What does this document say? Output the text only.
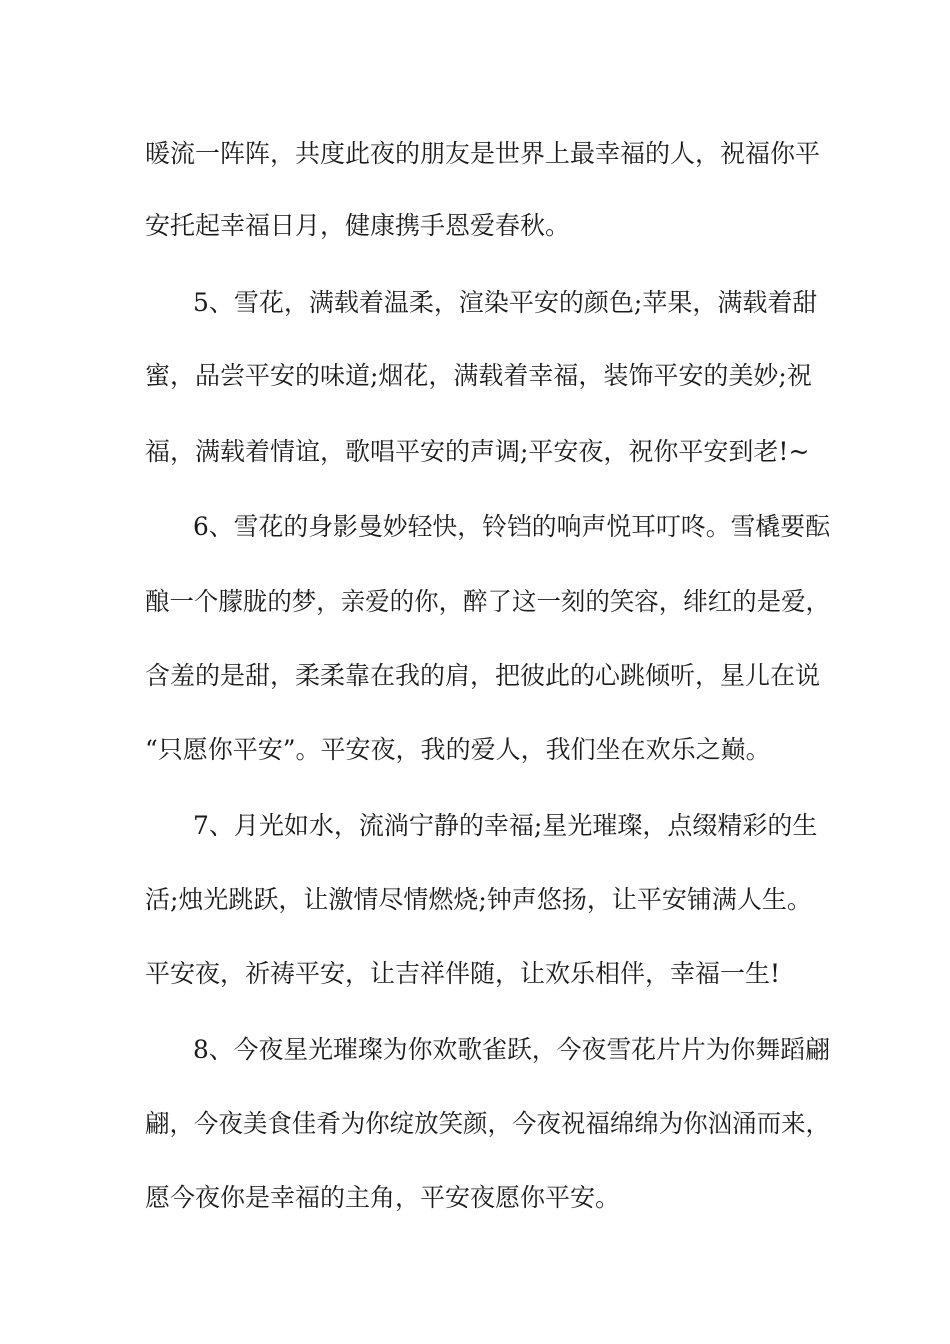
暖流一阵阵，共度此夜的朋友是世界上最幸福的人，祝福你平
安托起幸福日月，健康携手恩爱春秋。
5、雪花，满载着温柔，渲染平安的颜色;苹果，满载着甜
蜜，品尝平安的味道;烟花，满载着幸福，装饰平安的美妙;祝
福，满载着情谊，歌唱平安的声调;平安夜，祝你平安到老!~
6、雪花的身影曼妙轻快，铃铛的响声悦耳叮咚。雪橇要酝
酿一个朦胧的梦，亲爱的你，醉了这一刻的笑容，绯红的是爱，
含羞的是甜，柔柔靠在我的肩，把彼此的心跳倾听，星儿在说
“只愿你平安”。平安夜，我的爱人，我们坐在欢乐之巅。
7、月光如水，流淌宁静的幸福;星光璀璨，点缀精彩的生
活;烛光跳跃，让激情尽情燃烧;钟声悠扬，让平安铺满人生。
平安夜，祈祷平安，让吉祥伴随，让欢乐相伴，幸福一生!
8、今夜星光璀璨为你欢歌雀跃，今夜雪花片片为你舞蹈翩
翩，今夜美食佳肴为你绽放笑颜，今夜祝福绵绵为你汹涌而来，
愿今夜你是幸福的主角，平安夜愿你平安。
